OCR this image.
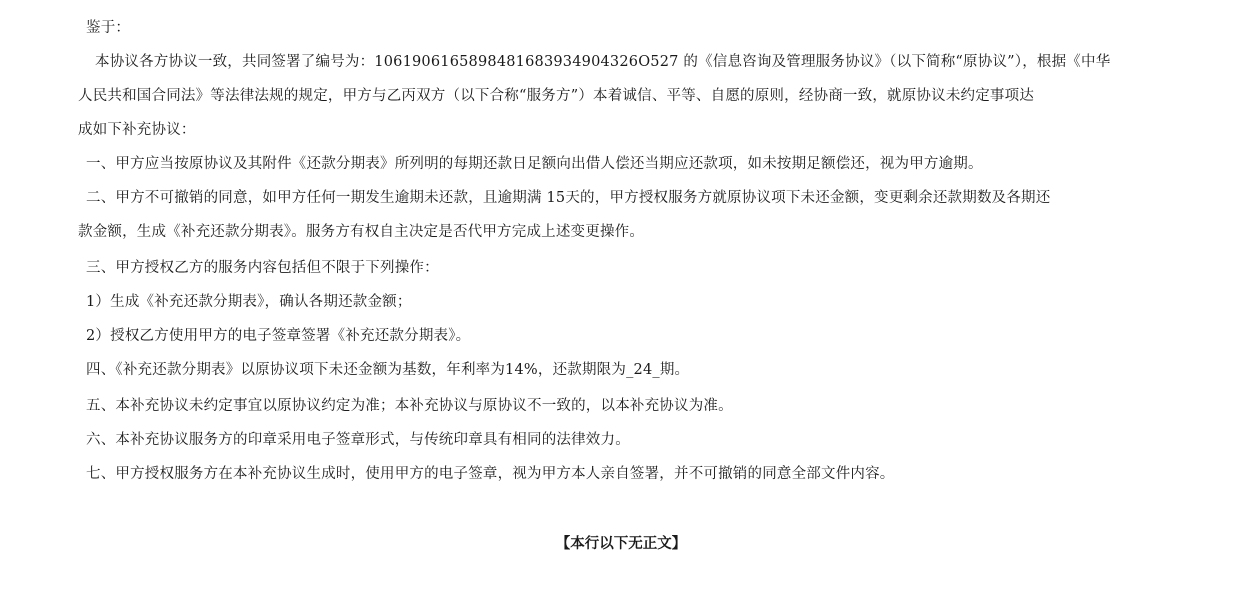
鉴于：
本协议各方协议一致，共同签署了编号为：1061906165898481683934904326O527 的《信息咨询及管理服务协议》（以下简称“原协议”），根据《中华
人民共和国合同法》等法律法规的规定，甲方与乙丙双方（以下合称“服务方”）本着诚信、平等、自愿的原则，经协商一致，就原协议未约定事项达
成如下补充协议：
一、甲方应当按原协议及其附件《还款分期表》所列明的每期还款日足额向出借人偿还当期应还款项，如未按期足额偿还，视为甲方逾期。
二、甲方不可撤销的同意，如甲方任何一期发生逾期未还款，且逾期满 15天的，甲方授权服务方就原协议项下未还金额，变更剩余还款期数及各期还
款金额，生成《补充还款分期表》。服务方有权自主决定是否代甲方完成上述变更操作。
三、甲方授权乙方的服务内容包括但不限于下列操作：
1）生成《补充还款分期表》，确认各期还款金额；
2）授权乙方使用甲方的电子签章签署《补充还款分期表》。
四、《补充还款分期表》以原协议项下未还金额为基数，年利率为14%，还款期限为_24_期。
五、本补充协议未约定事宜以原协议约定为准；本补充协议与原协议不一致的，以本补充协议为准。
六、本补充协议服务方的印章采用电子签章形式，与传统印章具有相同的法律效力。
七、甲方授权服务方在本补充协议生成时，使用甲方的电子签章，视为甲方本人亲自签署，并不可撤销的同意全部文件内容。
【本行以下无正文】
